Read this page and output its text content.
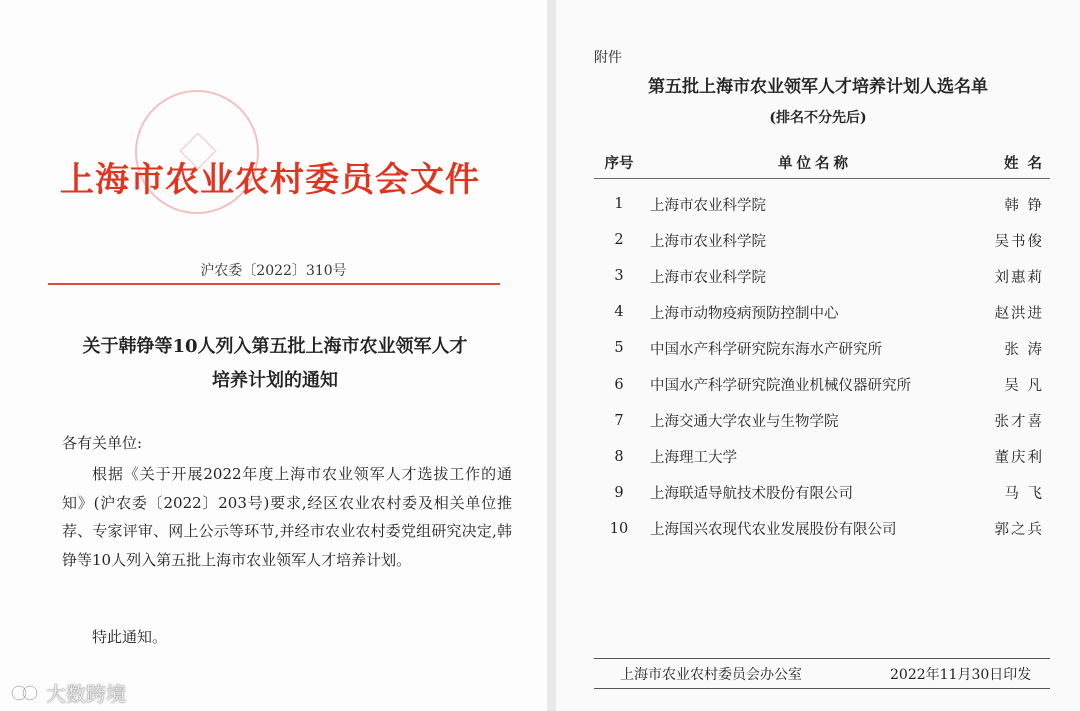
上海市农业农村委员会文件
沪农委〔2022〕310号
关于韩铮等10人列入第五批上海市农业领军人才
培养计划的通知
各有关单位:
根据《关于开展2022年度上海市农业领军人才选拔工作的通知》(沪农委〔2022〕203号)要求,经区农业农村委及相关单位推荐、专家评审、网上公示等环节,并经市农业农村委党组研究决定,韩铮等10人列入第五批上海市农业领军人才培养计划。
特此通知。
大数跨境
附件
第五批上海市农业领军人才培养计划人选名单
(排名不分先后)
序号	单位名称	姓 名
1	上海市农业科学院	韩 铮
2	上海市农业科学院	吴书俊
3	上海市农业科学院	刘惠莉
4	上海市动物疫病预防控制中心	赵洪进
5	中国水产科学研究院东海水产研究所	张 涛
6	中国水产科学研究院渔业机械仪器研究所	吴 凡
7	上海交通大学农业与生物学院	张才喜
8	上海理工大学	董庆利
9	上海联适导航技术股份有限公司	马 飞
10	上海国兴农现代农业发展股份有限公司	郭之兵
上海市农业农村委员会办公室	2022年11月30日印发
